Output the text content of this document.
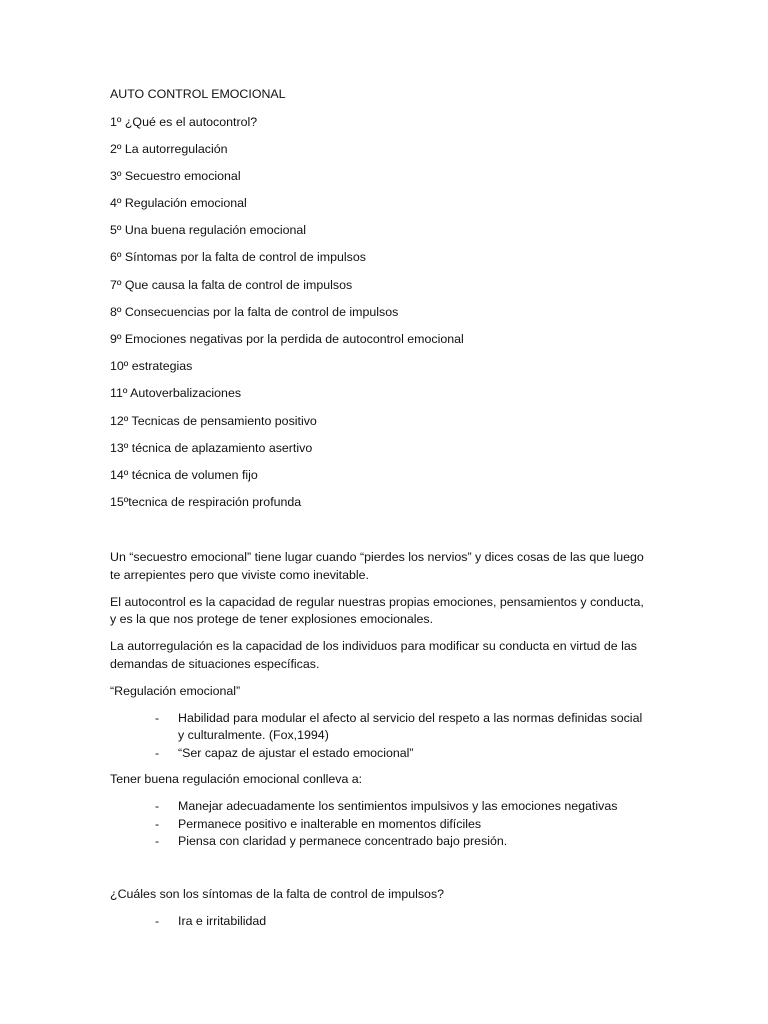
AUTO CONTROL EMOCIONAL
1º ¿Qué es el autocontrol?
2º La autorregulación
3º Secuestro emocional
4º Regulación emocional
5º Una buena regulación emocional
6º Síntomas por la falta de control de impulsos
7º Que causa la falta de control de impulsos
8º Consecuencias por la falta de control de impulsos
9º Emociones negativas por la perdida de autocontrol emocional
10º estrategias
11º Autoverbalizaciones
12º Tecnicas de pensamiento positivo
13º técnica de aplazamiento asertivo
14º técnica de volumen fijo
15ºtecnica de respiración profunda

Un “secuestro emocional” tiene lugar cuando “pierdes los nervios” y dices cosas de las que luego te arrepientes pero que viviste como inevitable.

El autocontrol es la capacidad de regular nuestras propias emociones, pensamientos y conducta, y es la que nos protege de tener explosiones emocionales.

La autorregulación es la capacidad de los individuos para modificar su conducta en virtud de las demandas de situaciones específicas.

“Regulación emocional”

- Habilidad para modular el afecto al servicio del respeto a las normas definidas social y culturalmente. (Fox,1994)
- “Ser capaz de ajustar el estado emocional”

Tener buena regulación emocional conlleva a:

- Manejar adecuadamente los sentimientos impulsivos y las emociones negativas
- Permanece positivo e inalterable en momentos difíciles
- Piensa con claridad y permanece concentrado bajo presión.

¿Cuáles son los síntomas de la falta de control de impulsos?

- Ira e irritabilidad
